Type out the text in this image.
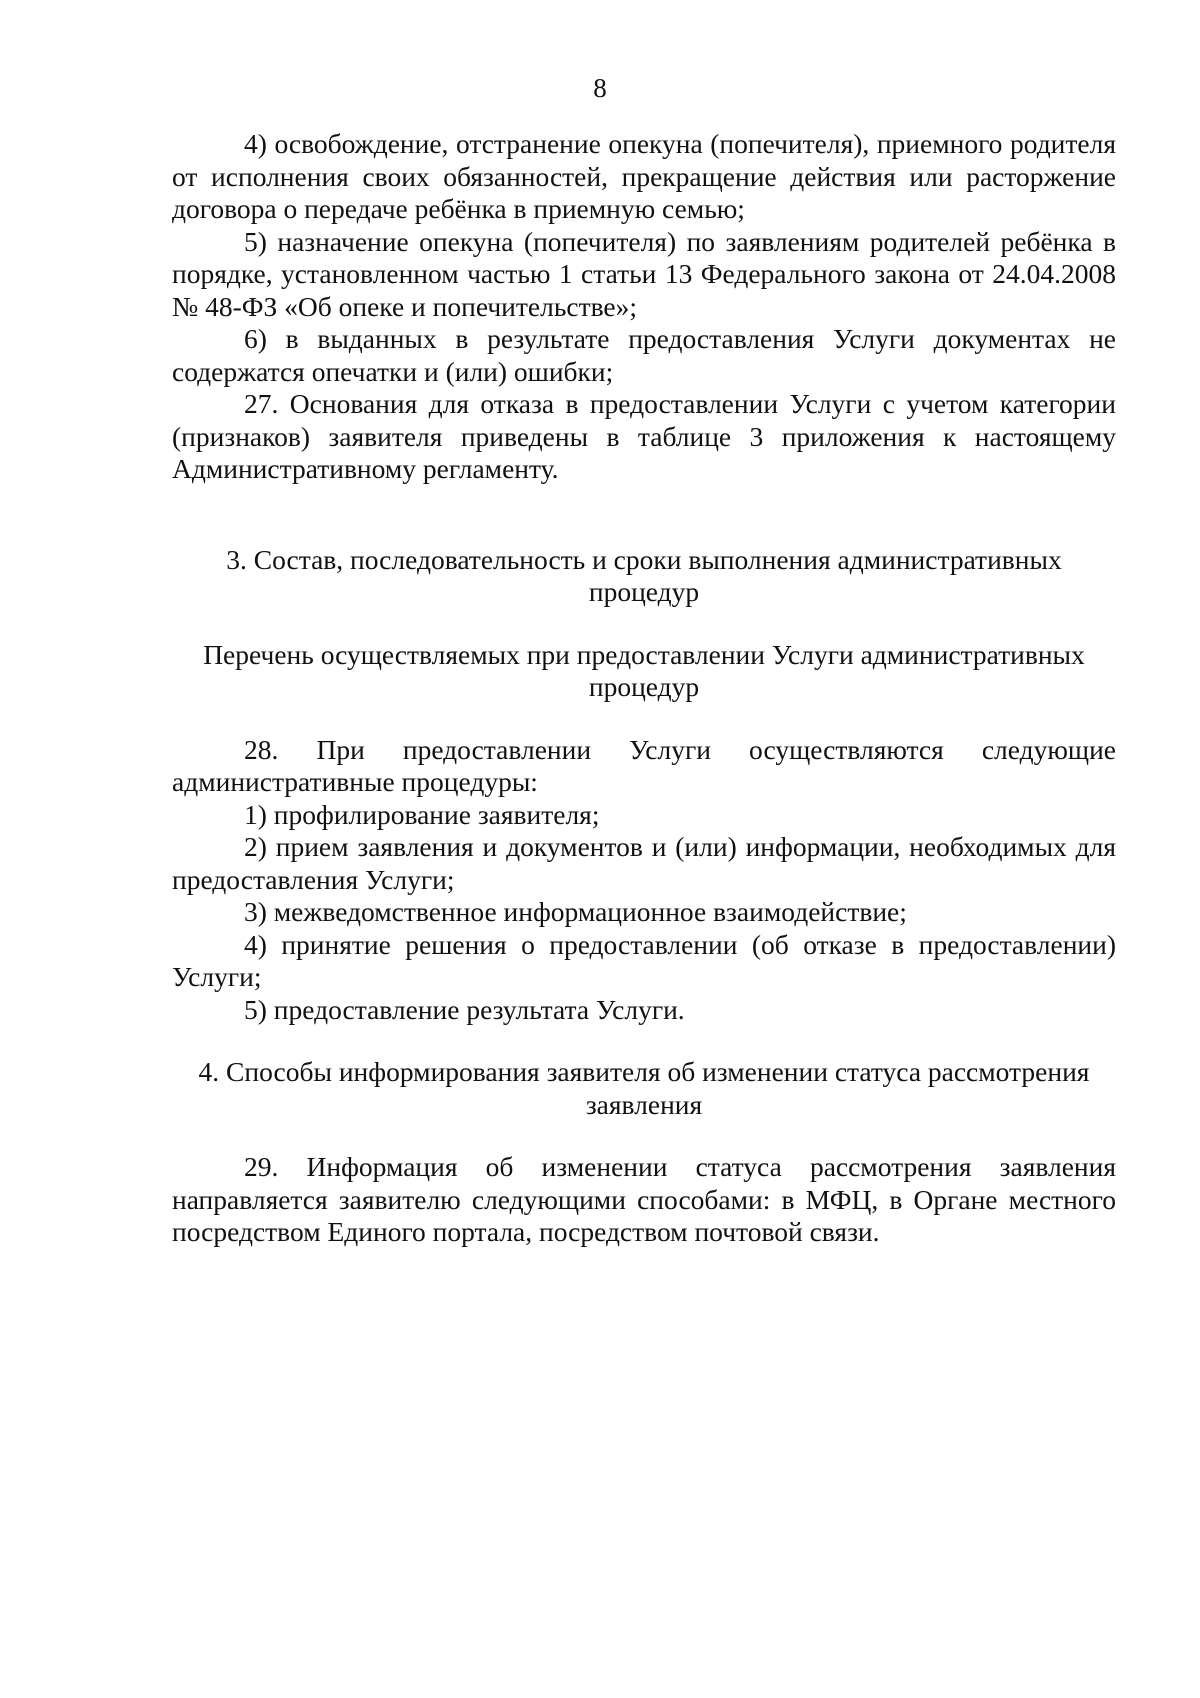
8

4) освобождение, отстранение опекуна (попечителя), приемного родителя от исполнения своих обязанностей, прекращение действия или расторжение договора о передаче ребёнка в приемную семью;

5) назначение опекуна (попечителя) по заявлениям родителей ребёнка в порядке, установленном частью 1 статьи 13 Федерального закона от 24.04.2008 № 48-ФЗ «Об опеке и попечительстве»;

6) в выданных в результате предоставления Услуги документах не содержатся опечатки и (или) ошибки;

27. Основания для отказа в предоставлении Услуги с учетом категории (признаков) заявителя приведены в таблице 3 приложения к настоящему Административному регламенту.

3. Состав, последовательность и сроки выполнения административных процедур

Перечень осуществляемых при предоставлении Услуги административных процедур

28. При предоставлении Услуги осуществляются следующие административные процедуры:

1) профилирование заявителя;

2) прием заявления и документов и (или) информации, необходимых для предоставления Услуги;

3) межведомственное информационное взаимодействие;

4) принятие решения о предоставлении (об отказе в предоставлении) Услуги;

5) предоставление результата Услуги.

4. Способы информирования заявителя об изменении статуса рассмотрения заявления

29. Информация об изменении статуса рассмотрения заявления направляется заявителю следующими способами: в МФЦ, в Органе местного посредством Единого портала, посредством почтовой связи.
